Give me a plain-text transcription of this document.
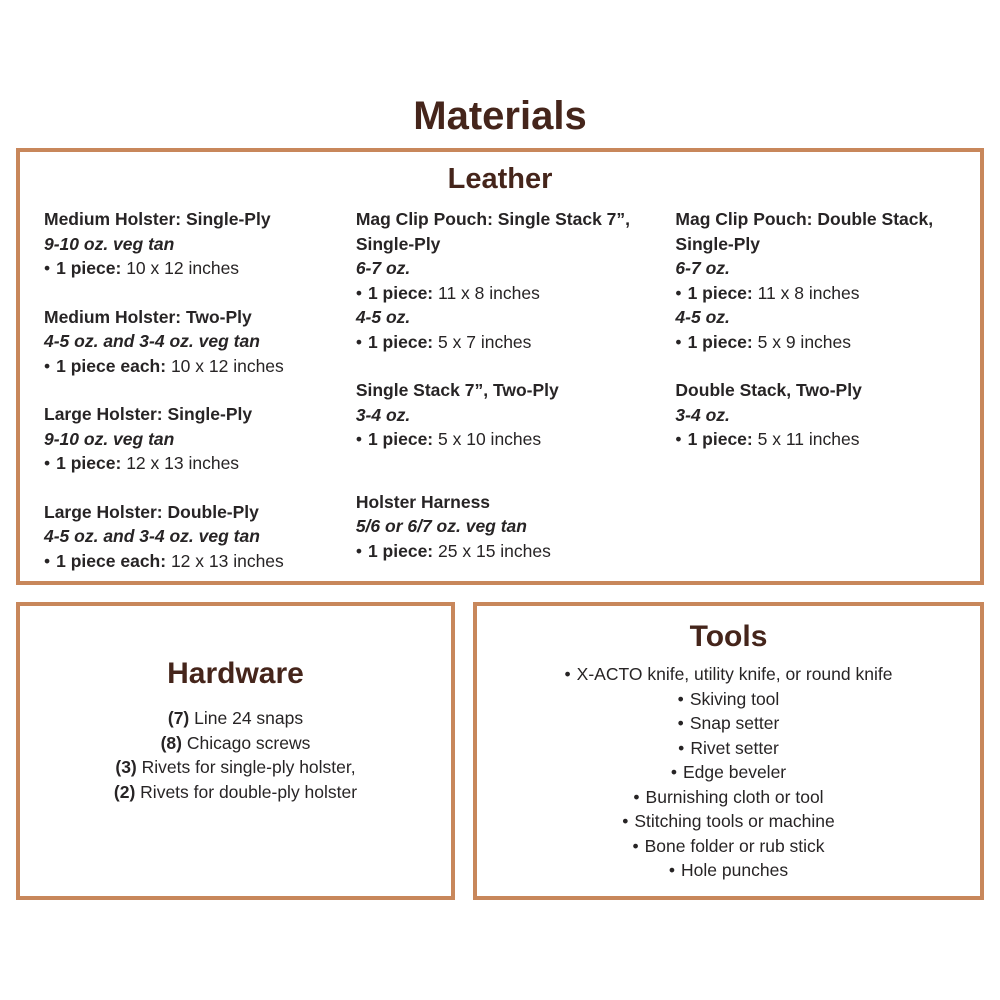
Materials
Leather
Medium Holster: Single-Ply
9-10 oz. veg tan
• 1 piece: 10 x 12 inches
Medium Holster: Two-Ply
4-5 oz. and 3-4 oz. veg tan
• 1 piece each: 10 x 12 inches
Large Holster: Single-Ply
9-10 oz. veg tan
• 1 piece: 12 x 13 inches
Large Holster: Double-Ply
4-5 oz. and 3-4 oz. veg tan
• 1 piece each: 12 x 13 inches
Mag Clip Pouch: Single Stack 7”, Single-Ply
6-7 oz.
• 1 piece: 11 x 8 inches
4-5 oz.
• 1 piece: 5 x 7 inches
Single Stack 7”, Two-Ply
3-4 oz.
• 1 piece: 5 x 10 inches
Holster Harness
5/6 or 6/7 oz. veg tan
• 1 piece: 25 x 15 inches
Mag Clip Pouch: Double Stack, Single-Ply
6-7 oz.
• 1 piece: 11 x 8 inches
4-5 oz.
• 1 piece: 5 x 9 inches
Double Stack, Two-Ply
3-4 oz.
• 1 piece: 5 x 11 inches
Hardware
(7) Line 24 snaps
(8) Chicago screws
(3) Rivets for single-ply holster,
(2) Rivets for double-ply holster
Tools
• X-ACTO knife, utility knife, or round knife
• Skiving tool
• Snap setter
• Rivet setter
• Edge beveler
• Burnishing cloth or tool
• Stitching tools or machine
• Bone folder or rub stick
• Hole punches
